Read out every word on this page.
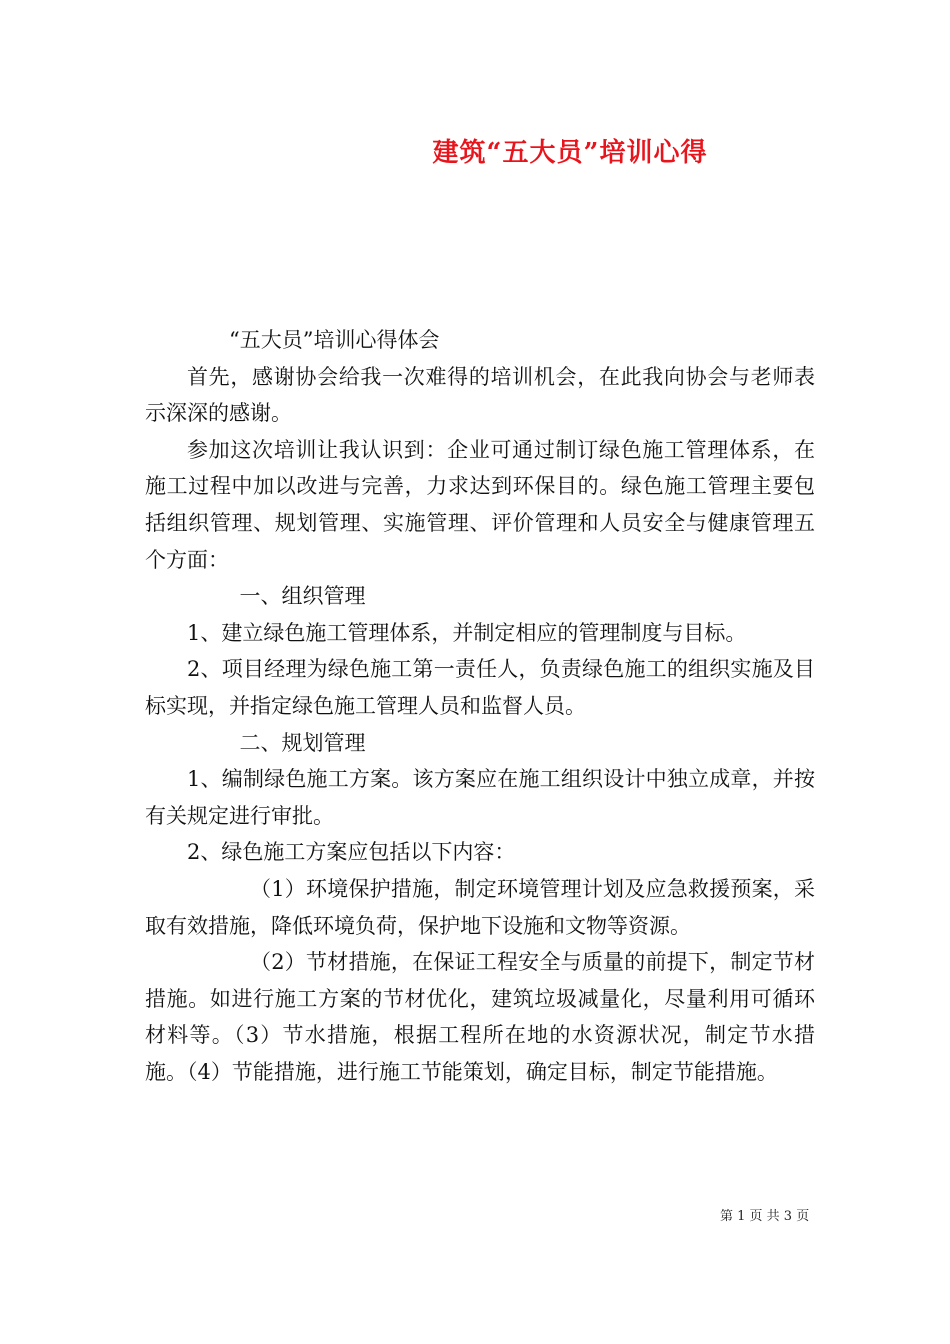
建筑“五大员”培训心得

“五大员”培训心得体会

首先，感谢协会给我一次难得的培训机会，在此我向协会与老师表示深深的感谢。

参加这次培训让我认识到：企业可通过制订绿色施工管理体系，在施工过程中加以改进与完善，力求达到环保目的。绿色施工管理主要包括组织管理、规划管理、实施管理、评价管理和人员安全与健康管理五个方面：

一、组织管理

1、建立绿色施工管理体系，并制定相应的管理制度与目标。

2、项目经理为绿色施工第一责任人，负责绿色施工的组织实施及目标实现，并指定绿色施工管理人员和监督人员。

二、规划管理

1、编制绿色施工方案。该方案应在施工组织设计中独立成章，并按有关规定进行审批。

2、绿色施工方案应包括以下内容：

（1）环境保护措施，制定环境管理计划及应急救援预案，采取有效措施，降低环境负荷，保护地下设施和文物等资源。

（2）节材措施，在保证工程安全与质量的前提下，制定节材措施。如进行施工方案的节材优化，建筑垃圾减量化，尽量利用可循环材料等。（3）节水措施，根据工程所在地的水资源状况，制定节水措施。（4）节能措施，进行施工节能策划，确定目标，制定节能措施。

第 1 页 共 3 页
